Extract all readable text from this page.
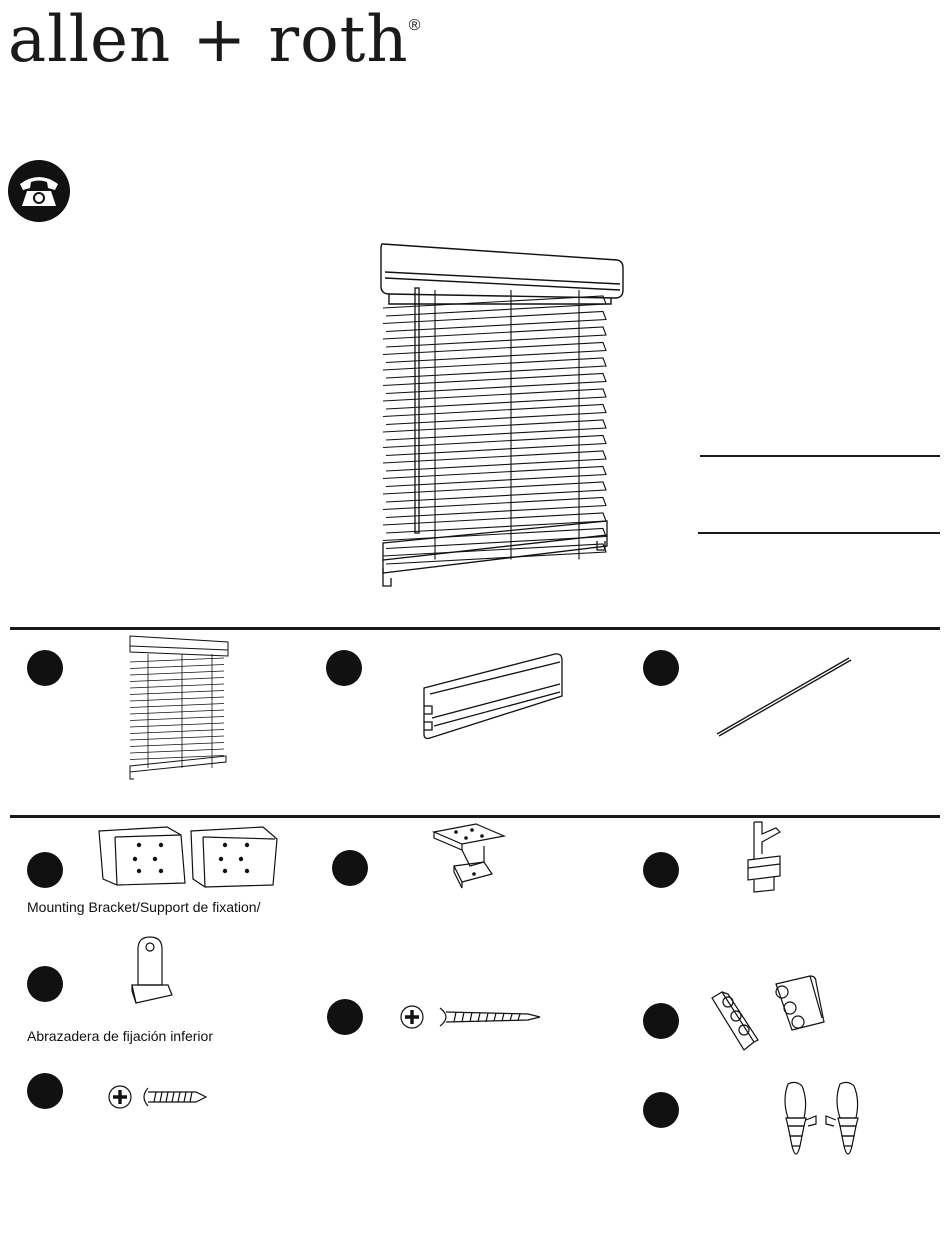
allen + roth®
Mounting Bracket/Support de fixation/
Abrazadera de fijación inferior
